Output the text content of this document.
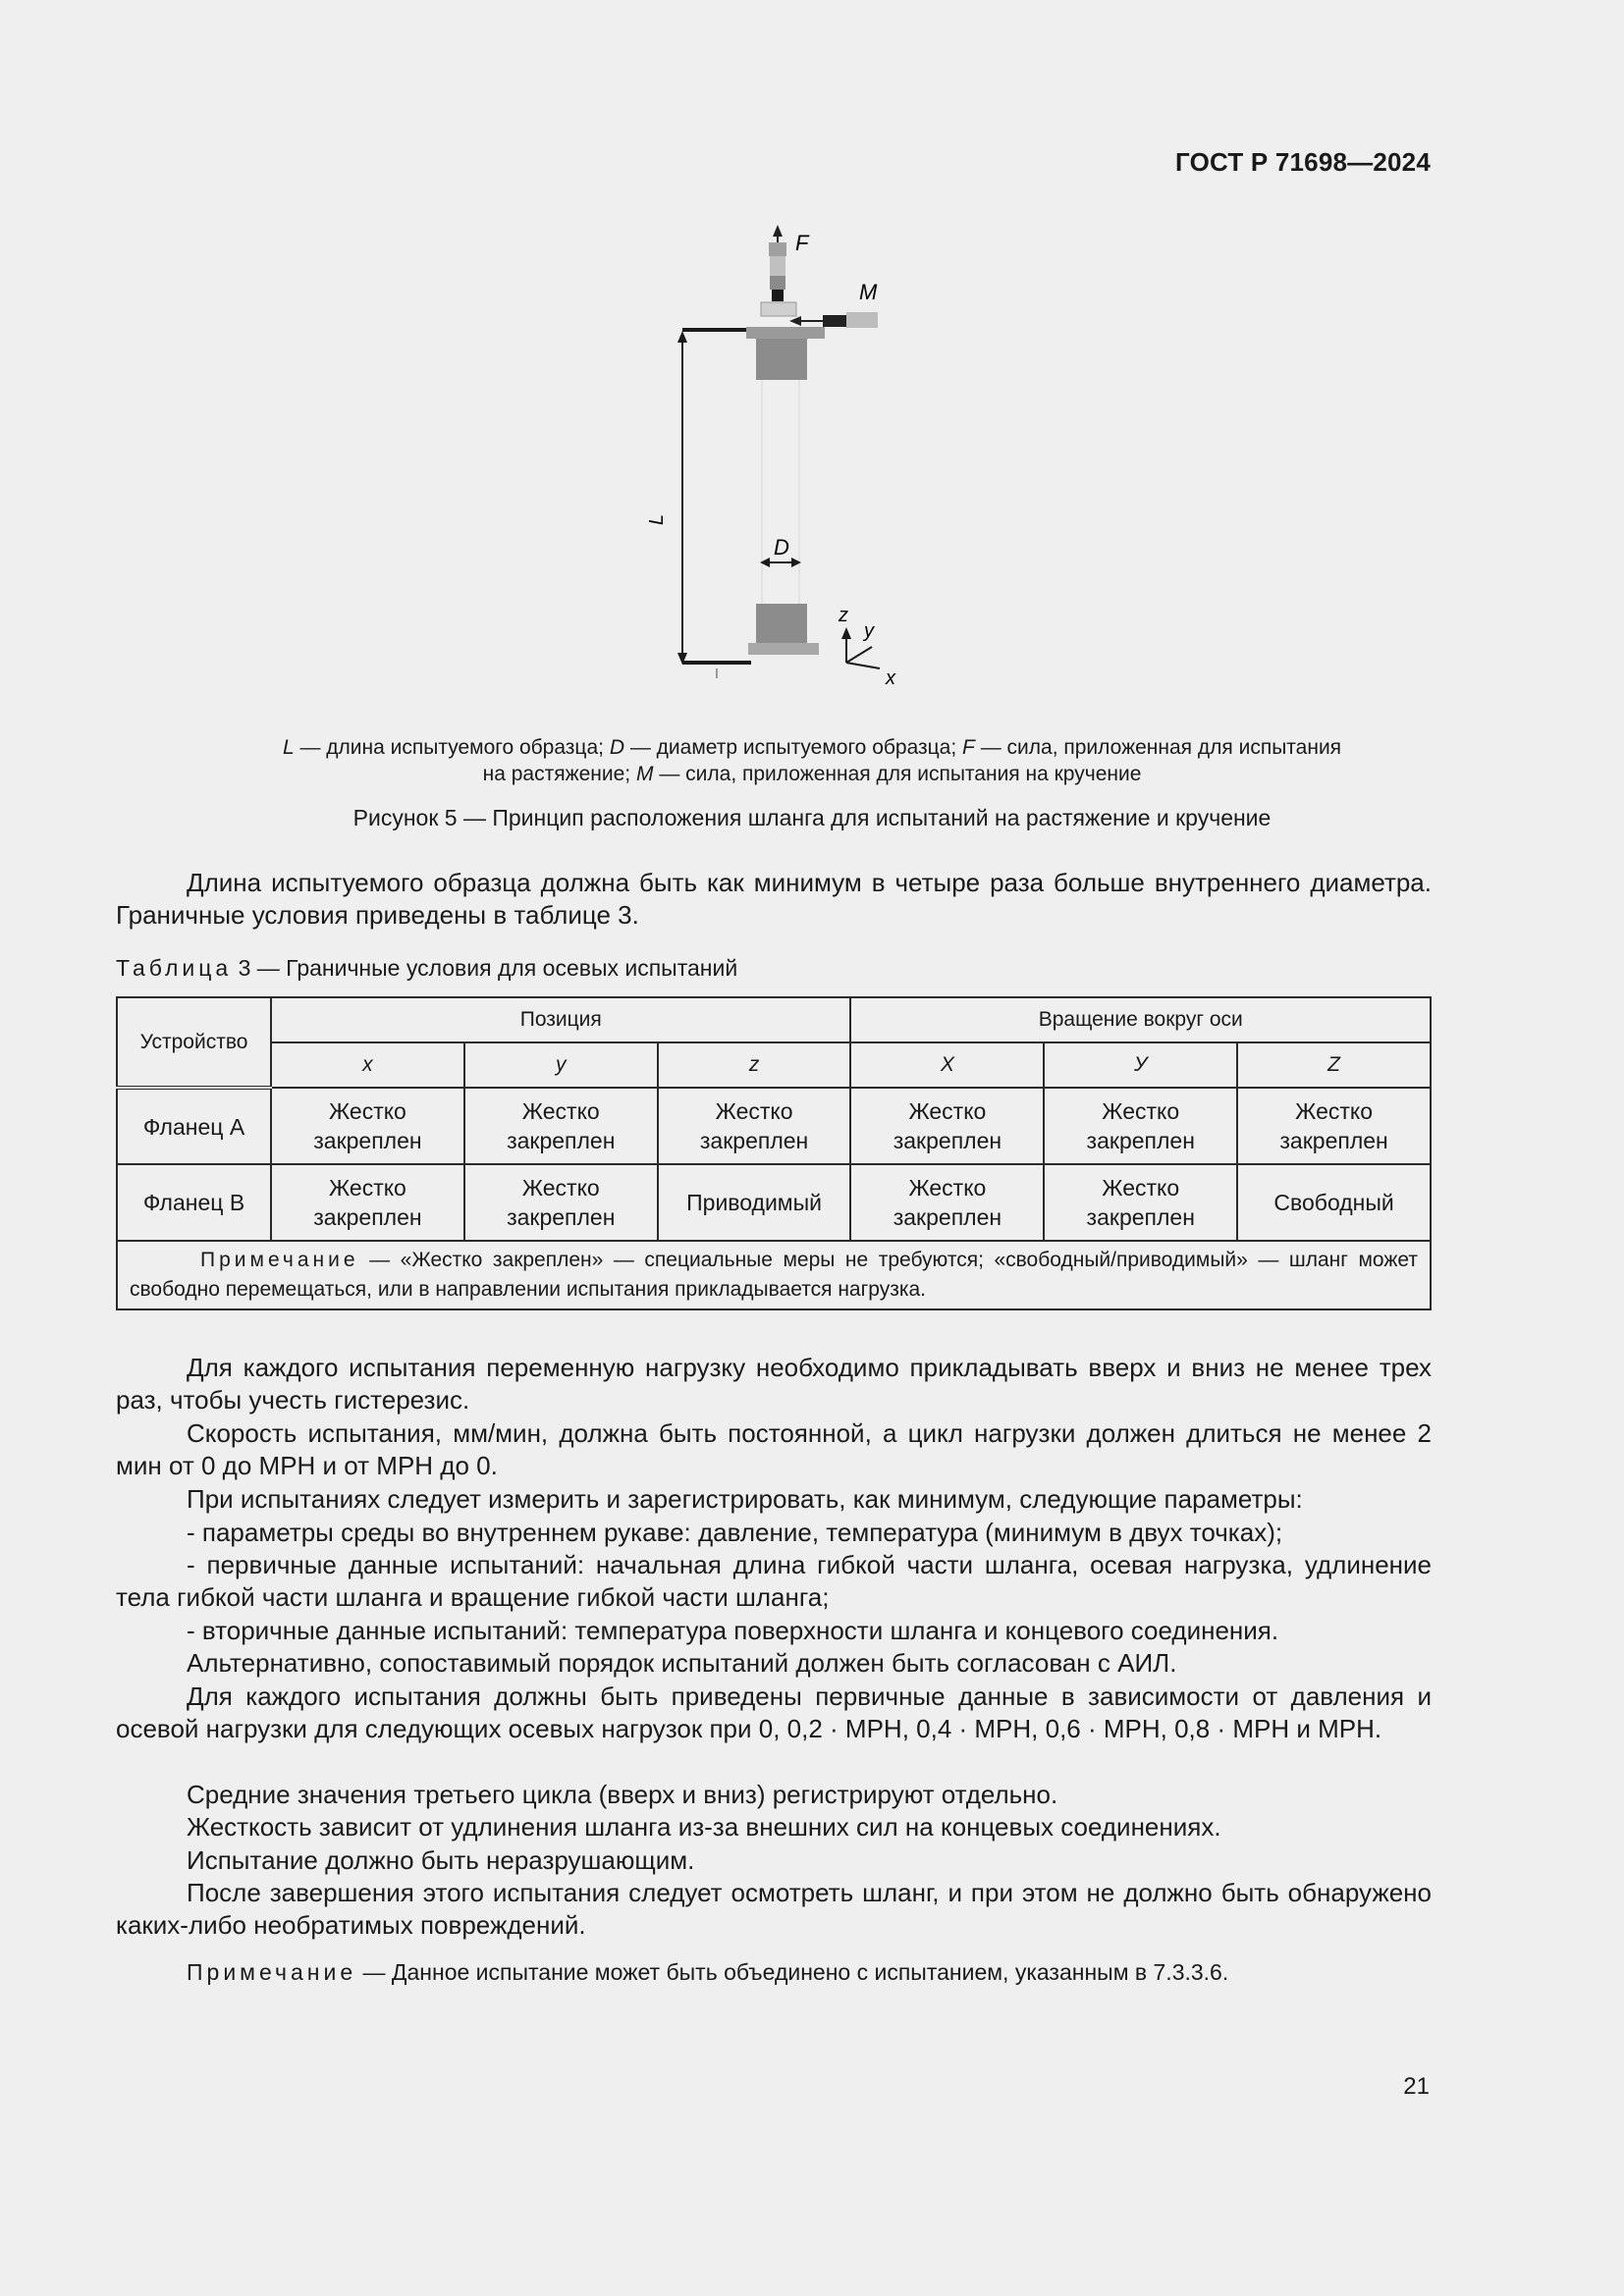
ГОСТ Р 71698—2024
F
M
L
D
z
y
x
L — длина испытуемого образца; D — диаметр испытуемого образца; F — сила, приложенная для испытания
на растяжение; M — сила, приложенная для испытания на кручение
Рисунок 5 — Принцип расположения шланга для испытаний на растяжение и кручение
Длина испытуемого образца должна быть как минимум в четыре раза больше внутреннего диаметра. Граничные условия приведены в таблице 3.
Таблица 3 — Граничные условия для осевых испытаний
Устройство	Позиция			Вращение вокруг оси		
	x	y	z	X	У	Z
Фланец А	Жестко закреплен	Жестко закреплен	Жестко закреплен	Жестко закреплен	Жестко закреплен	Жестко закреплен
Фланец В	Жестко закреплен	Жестко закреплен	Приводимый	Жестко закреплен	Жестко закреплен	Свободный
Примечание — «Жестко закреплен» — специальные меры не требуются; «свободный/приводимый» — шланг может свободно перемещаться, или в направлении испытания прикладывается нагрузка.						
Для каждого испытания переменную нагрузку необходимо прикладывать вверх и вниз не менее трех раз, чтобы учесть гистерезис.
Скорость испытания, мм/мин, должна быть постоянной, а цикл нагрузки должен длиться не менее 2 мин от 0 до МРН и от МРН до 0.
При испытаниях следует измерить и зарегистрировать, как минимум, следующие параметры:
- параметры среды во внутреннем рукаве: давление, температура (минимум в двух точках);
- первичные данные испытаний: начальная длина гибкой части шланга, осевая нагрузка, удлинение тела гибкой части шланга и вращение гибкой части шланга;
- вторичные данные испытаний: температура поверхности шланга и концевого соединения.
Альтернативно, сопоставимый порядок испытаний должен быть согласован с АИЛ.
Для каждого испытания должны быть приведены первичные данные в зависимости от давления и осевой нагрузки для следующих осевых нагрузок при 0, 0,2 · МРН, 0,4 · МРН, 0,6 · МРН, 0,8 · МРН и МРН.
Средние значения третьего цикла (вверх и вниз) регистрируют отдельно.
Жесткость зависит от удлинения шланга из-за внешних сил на концевых соединениях.
Испытание должно быть неразрушающим.
После завершения этого испытания следует осмотреть шланг, и при этом не должно быть обнаружено каких-либо необратимых повреждений.
Примечание — Данное испытание может быть объединено с испытанием, указанным в 7.3.3.6.
21
